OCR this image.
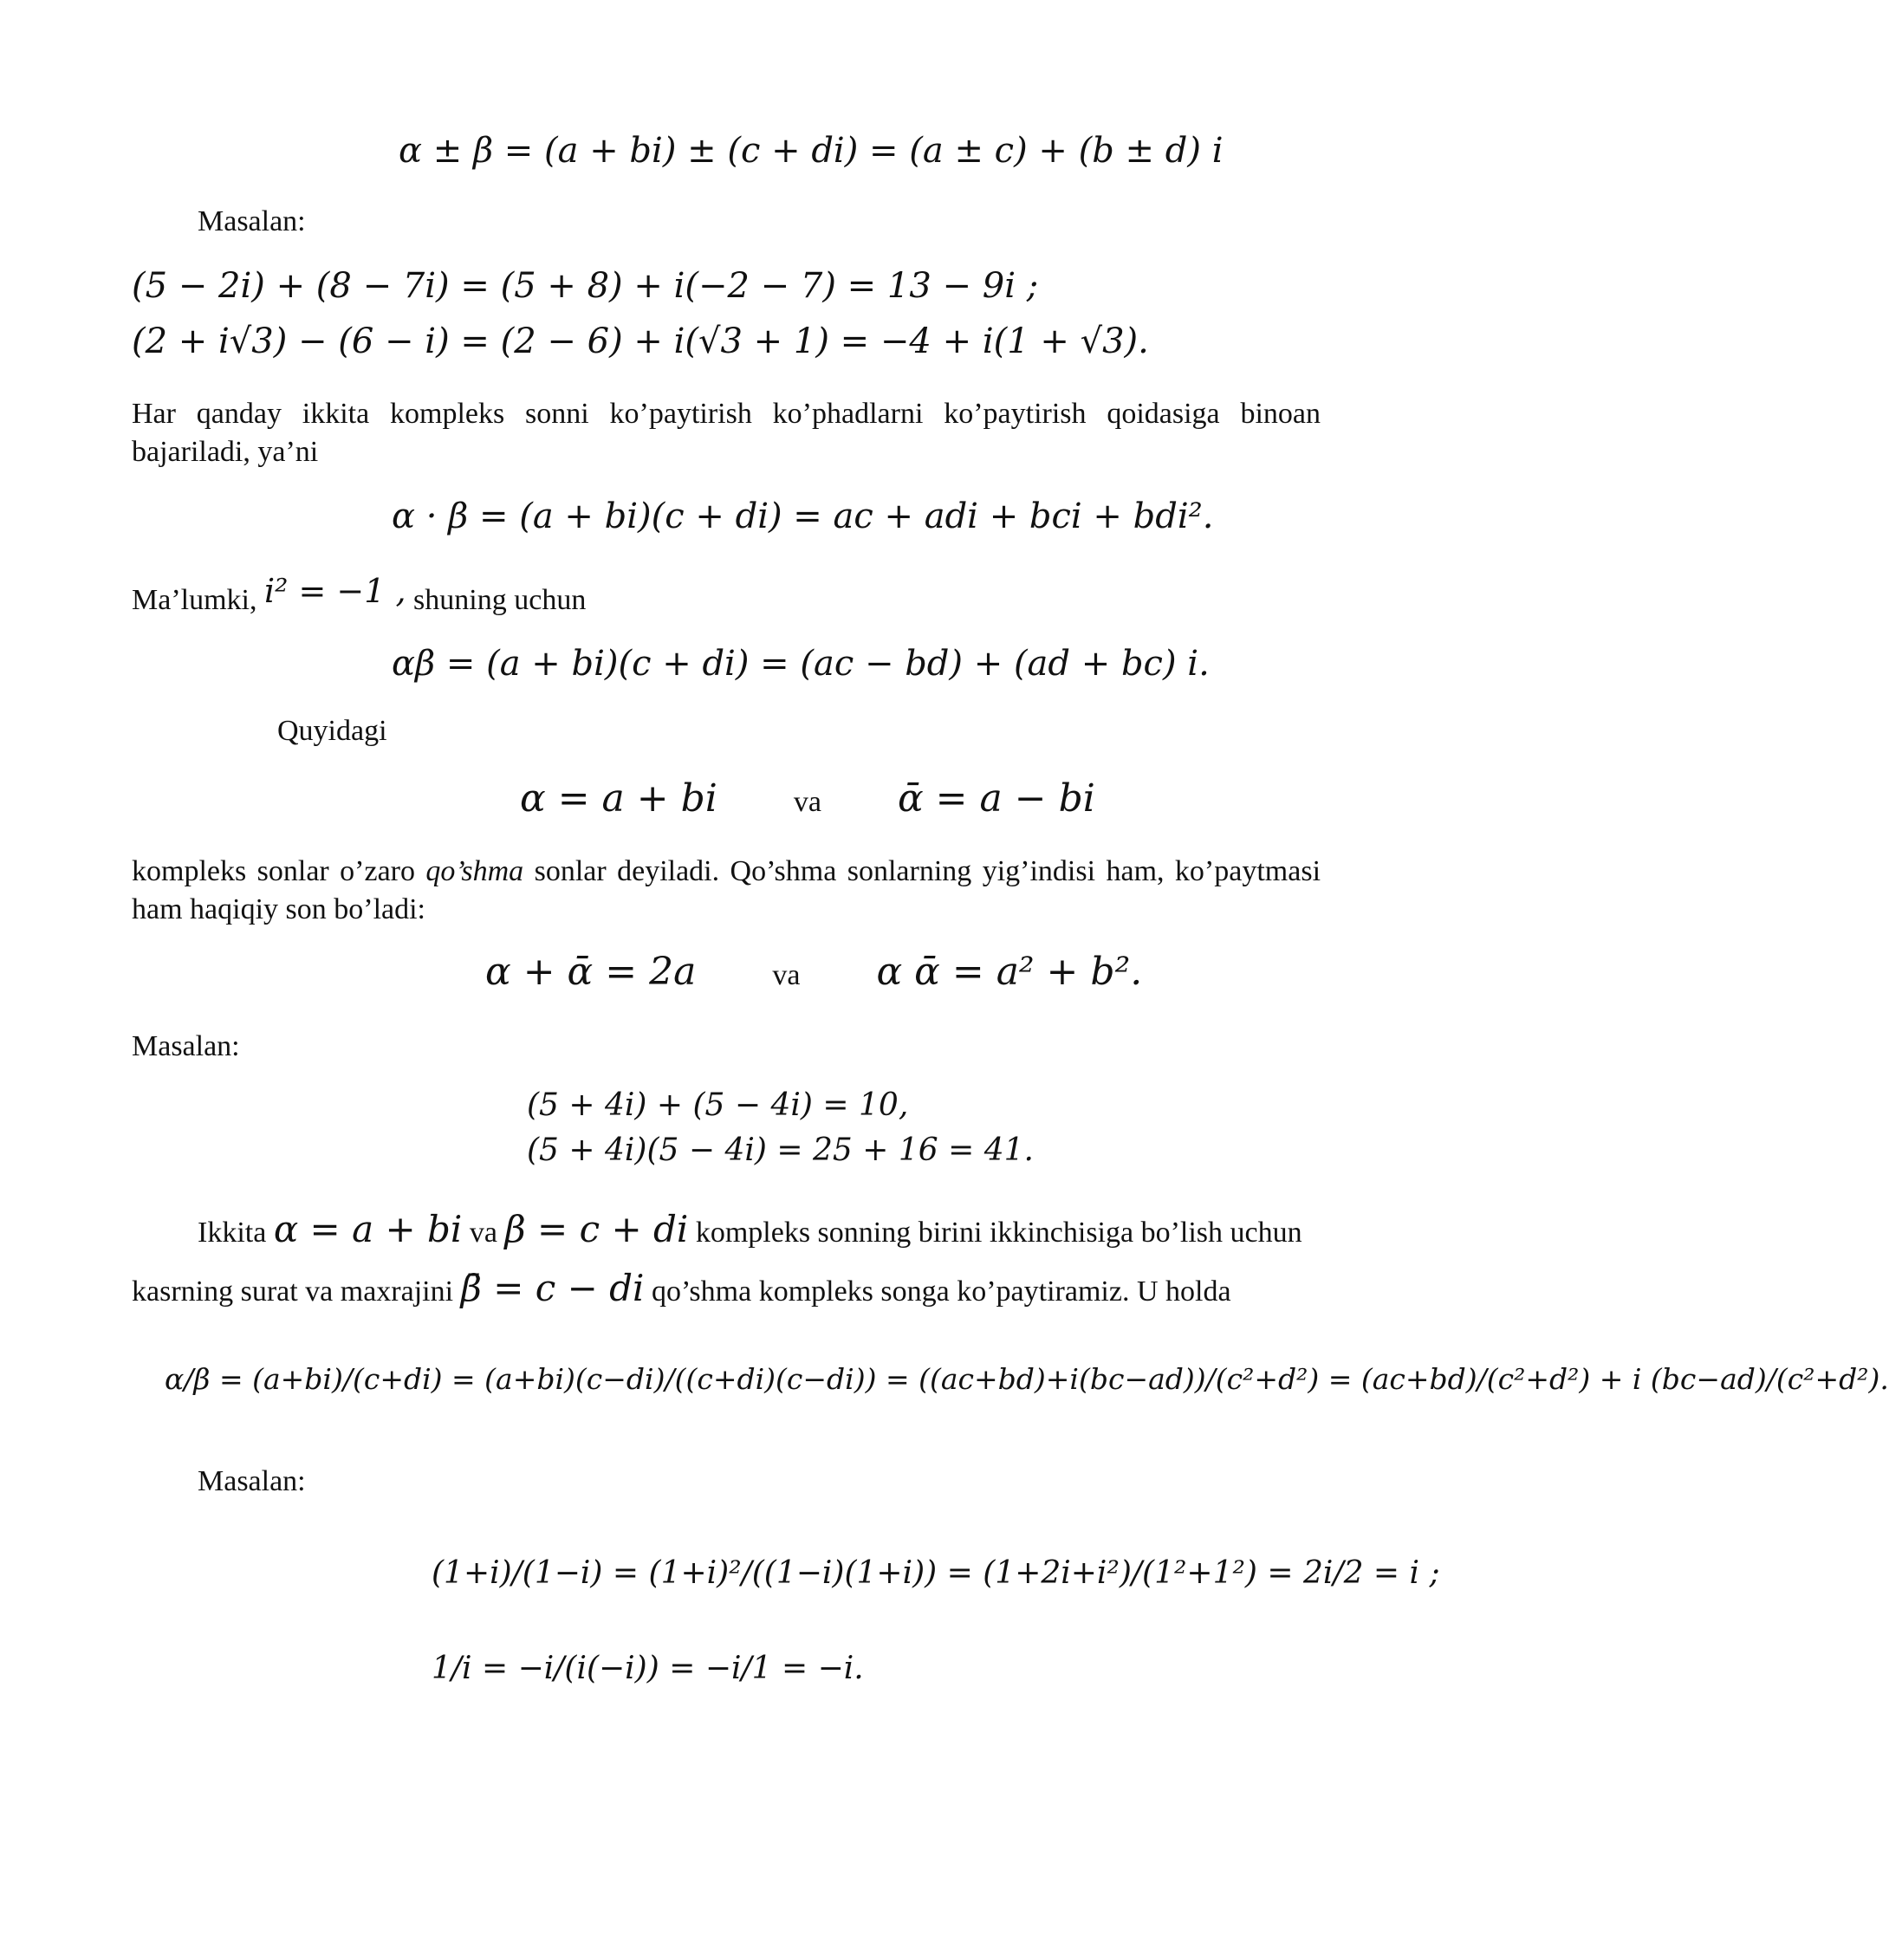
α ± β = (a + bi) ± (c + di) = (a ± c) + (b ± d) i
Masalan:
(5 − 2i) + (8 − 7i) = (5 + 8) + i(−2 − 7) = 13 − 9i ;
(2 + i√3) − (6 − i) = (2 − 6) + i(√3 + 1) = −4 + i(1 + √3).
Har qanday ikkita kompleks sonni ko’paytirish ko’phadlarni ko’paytirish qoidasiga binoan bajariladi, ya’ni
α · β = (a + bi)(c + di) = ac + adi + bci + bdi².
Ma’lumki, i² = −1 , shuning uchun
αβ = (a + bi)(c + di) = (ac − bd) + (ad + bc) i.
Quyidagi
α = a + bi	va ᾱ = a − bi
kompleks sonlar o’zaro qo’shma sonlar deyiladi. Qo’shma sonlarning yig’indisi ham, ko’paytmasi ham haqiqiy son bo’ladi:
α + ᾱ = 2a	va α ᾱ = a² + b².
Masalan:
(5 + 4i) + (5 − 4i) = 10,
(5 + 4i)(5 − 4i) = 25 + 16 = 41.
Ikkita α = a + bi va β = c + di kompleks sonning birini ikkinchisiga bo’lish uchun
kasrning surat va maxrajini β̄ = c − di qo’shma kompleks songa ko’paytiramiz. U holda
α/β = (a+bi)/(c+di) = (a+bi)(c−di)/((c+di)(c−di)) = ((ac+bd)+i(bc−ad))/(c²+d²) = (ac+bd)/(c²+d²) + i (bc−ad)/(c²+d²).
Masalan:
(1+i)/(1−i) = (1+i)²/((1−i)(1+i)) = (1+2i+i²)/(1²+1²) = 2i/2 = i ;
1/i = −i/(i(−i)) = −i/1 = −i.
